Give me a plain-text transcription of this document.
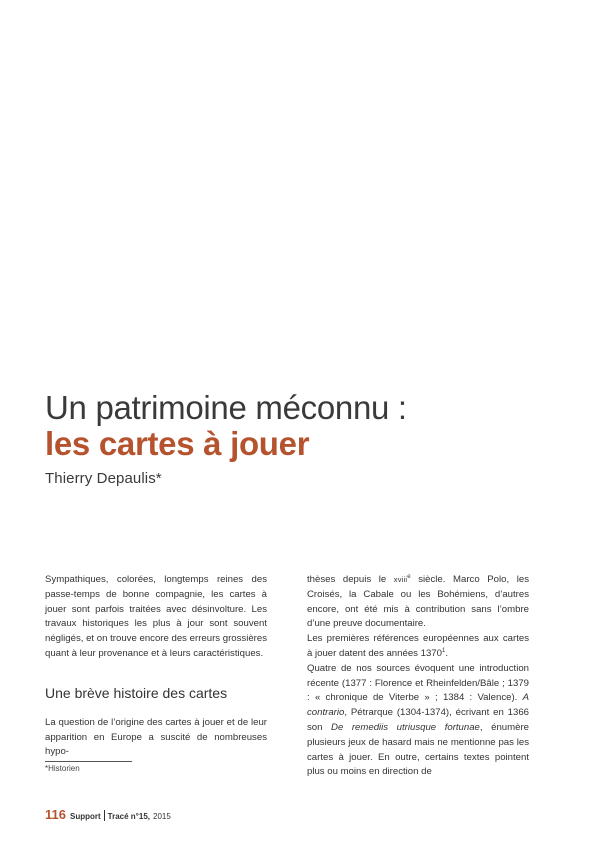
Un patrimoine méconnu :
les cartes à jouer
Thierry Depaulis*

Sympathiques, colorées, longtemps reines des passe-temps de bonne compagnie, les cartes à jouer sont parfois traitées avec désinvolture. Les travaux historiques les plus à jour sont souvent négligés, et on trouve encore des erreurs grossières quant à leur provenance et à leurs caractéristiques.

Une brève histoire des cartes

La question de l’origine des cartes à jouer et de leur apparition en Europe a suscité de nombreuses hypo-

thèses depuis le xviii$^e$ siècle. Marco Polo, les Croisés, la Cabale ou les Bohémiens, d’autres encore, ont été mis à contribution sans l’ombre d’une preuve documentaire.

Les premières références européennes aux cartes à jouer datent des années 1370$^1$.

Quatre de nos sources évoquent une introduction récente (1377 : Florence et Rheinfelden/Bâle ; 1379 : « chronique de Viterbe » ; 1384 : Valence). A contrario, Pétrarque (1304-1374), écrivant en 1366 son De remediis utriusque fortunae, énumère plusieurs jeux de hasard mais ne mentionne pas les cartes à jouer. En outre, certains textes pointent plus ou moins en direction de

*Historien
116 Support Tracé n°15, 2015
